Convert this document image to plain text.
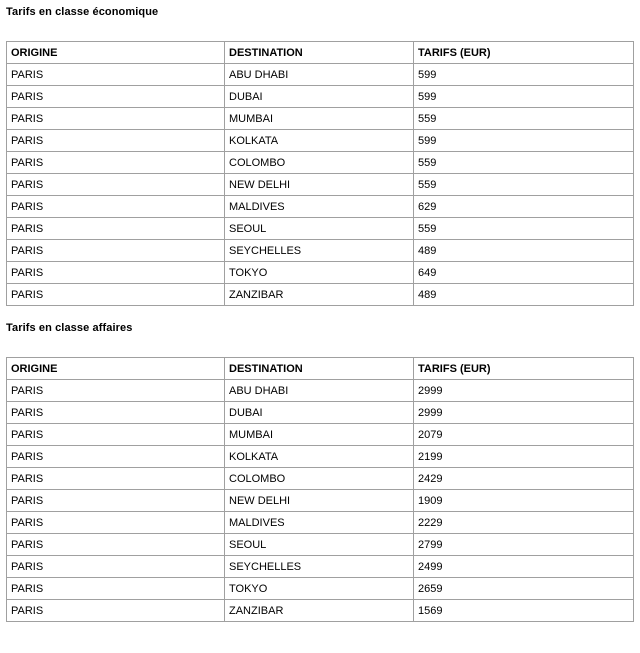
Tarifs en classe économique
ORIGINE	DESTINATION	TARIFS (EUR)
PARIS	ABU DHABI	599
PARIS	DUBAI	599
PARIS	MUMBAI	559
PARIS	KOLKATA	599
PARIS	COLOMBO	559
PARIS	NEW DELHI	559
PARIS	MALDIVES	629
PARIS	SEOUL	559
PARIS	SEYCHELLES	489
PARIS	TOKYO	649
PARIS	ZANZIBAR	489
Tarifs en classe affaires
ORIGINE	DESTINATION	TARIFS (EUR)
PARIS	ABU DHABI	2999
PARIS	DUBAI	2999
PARIS	MUMBAI	2079
PARIS	KOLKATA	2199
PARIS	COLOMBO	2429
PARIS	NEW DELHI	1909
PARIS	MALDIVES	2229
PARIS	SEOUL	2799
PARIS	SEYCHELLES	2499
PARIS	TOKYO	2659
PARIS	ZANZIBAR	1569
